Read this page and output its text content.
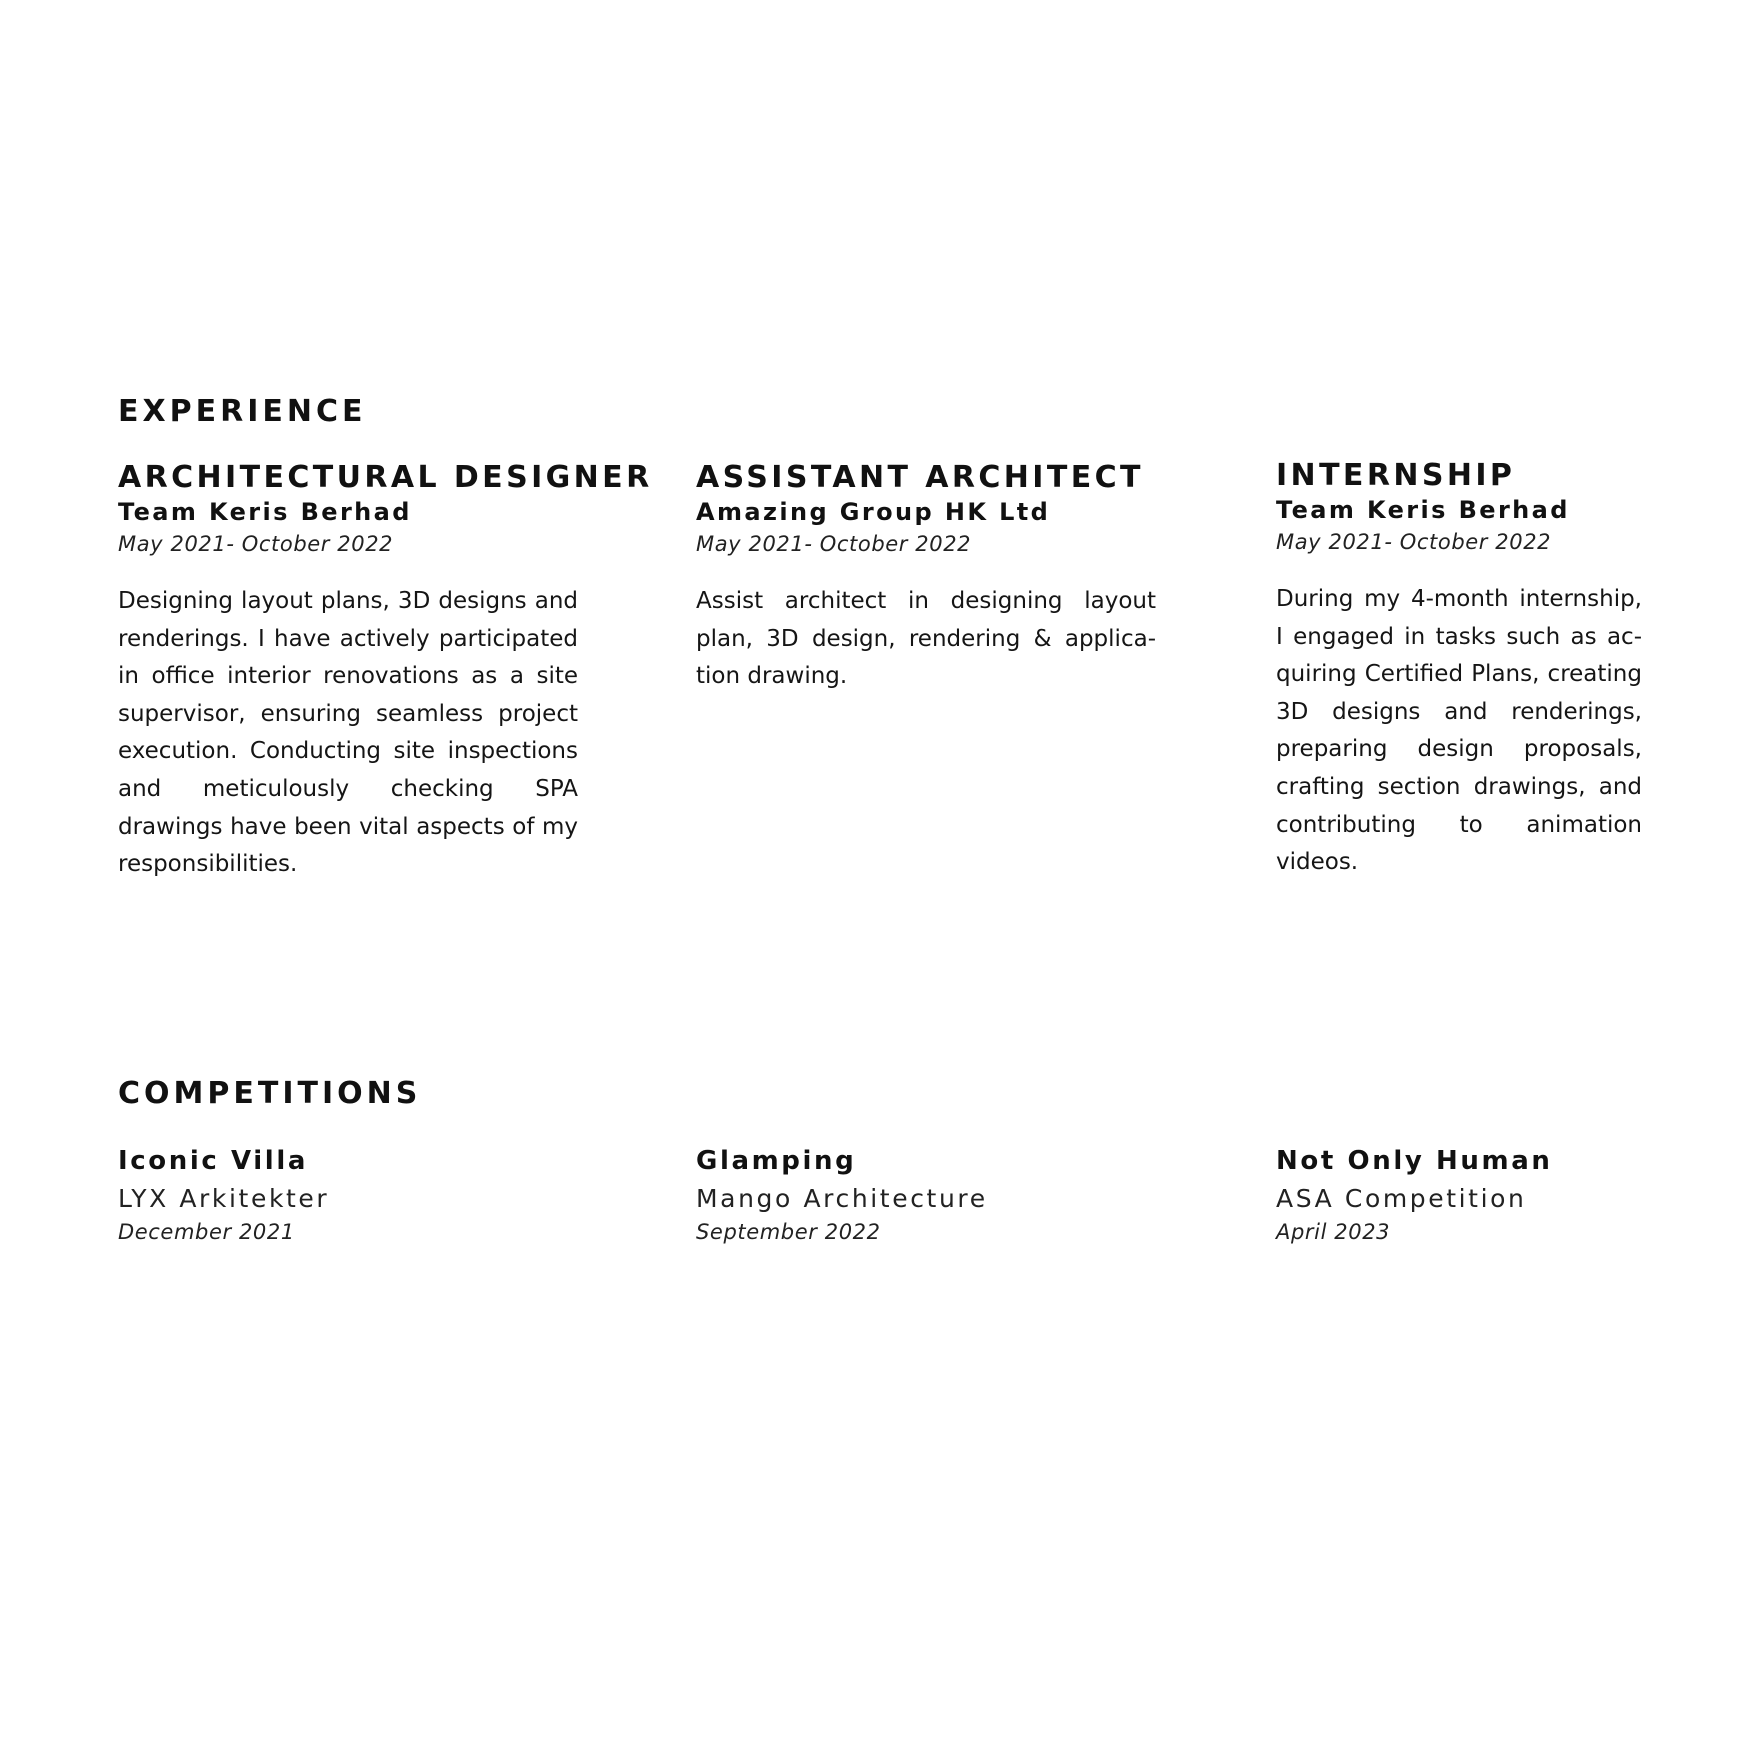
EXPERIENCE
ARCHITECTURAL DESIGNER

Team Keris Berhad

May 2021- October 2022

Designing layout plans, 3D designs and renderings. I have actively participated in office interior renovations as a site supervisor, ensuring seamless project execution. Conducting site inspections and meticulously checking SPA drawings have been vital aspects of my responsibilities.

ASSISTANT ARCHITECT

Amazing Group HK Ltd

May 2021- October 2022

Assist architect in designing layout plan, 3D design, rendering & application drawing.

INTERNSHIP

Team Keris Berhad

May 2021- October 2022

During my 4-month internship, I engaged in tasks such as acquiring Certified Plans, creating 3D designs and renderings, preparing design proposals, crafting section drawings, and contributing to animation videos.

COMPETITIONS

Iconic Villa

LYX Arkitekter

December 2021

Glamping

Mango Architecture

September 2022

Not Only Human

ASA Competition

April 2023
